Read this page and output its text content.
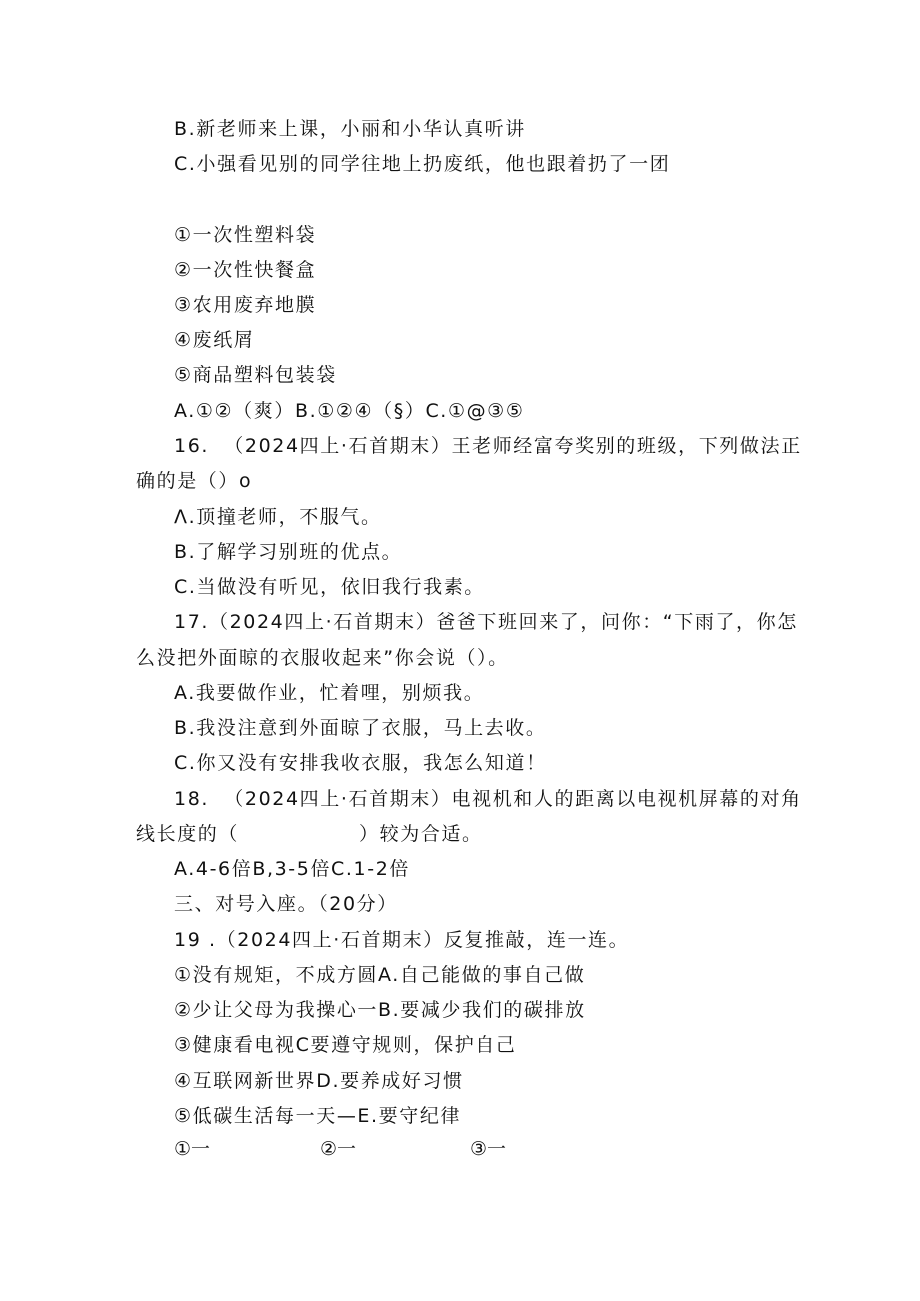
B.新老师来上课，小丽和小华认真听讲
C.小强看见别的同学往地上扔废纸，他也跟着扔了一团
①一次性塑料袋
②一次性快餐盒
③农用废弃地膜
④废纸屑
⑤商品塑料包装袋
A.①②（爽）B.①②④（§）C.①@③⑤
16.  （2024四上·石首期末）王老师经富夸奖别的班级，下列做法正
确的是（）o
Λ.顶撞老师，不服气。
B.了解学习别班的优点。
C.当做没有听见，依旧我行我素。
17.（2024四上·石首期末）爸爸下班回来了，问你：“下雨了，你怎
么没把外面晾的衣服收起来”你会说（）。
A.我要做作业，忙着哩，别烦我。
B.我没注意到外面晾了衣服，马上去收。
C.你又没有安排我收衣服，我怎么知道！
18.  （2024四上·石首期末）电视机和人的距离以电视机屏幕的对角
线长度的（	）较为合适。
A.4-6倍B,3-5倍C.1-2倍
三、对号入座。（20分）
19 .（2024四上·石首期末）反复推敲，连一连。
①没有规矩，不成方圆A.自己能做的事自己做
②少让父母为我操心一B.要减少我们的碳排放
③健康看电视C要遵守规则，保护自己
④互联网新世界D.要养成好习惯
⑤低碳生活每一天—E.要守纪律
①一	②一	③一
